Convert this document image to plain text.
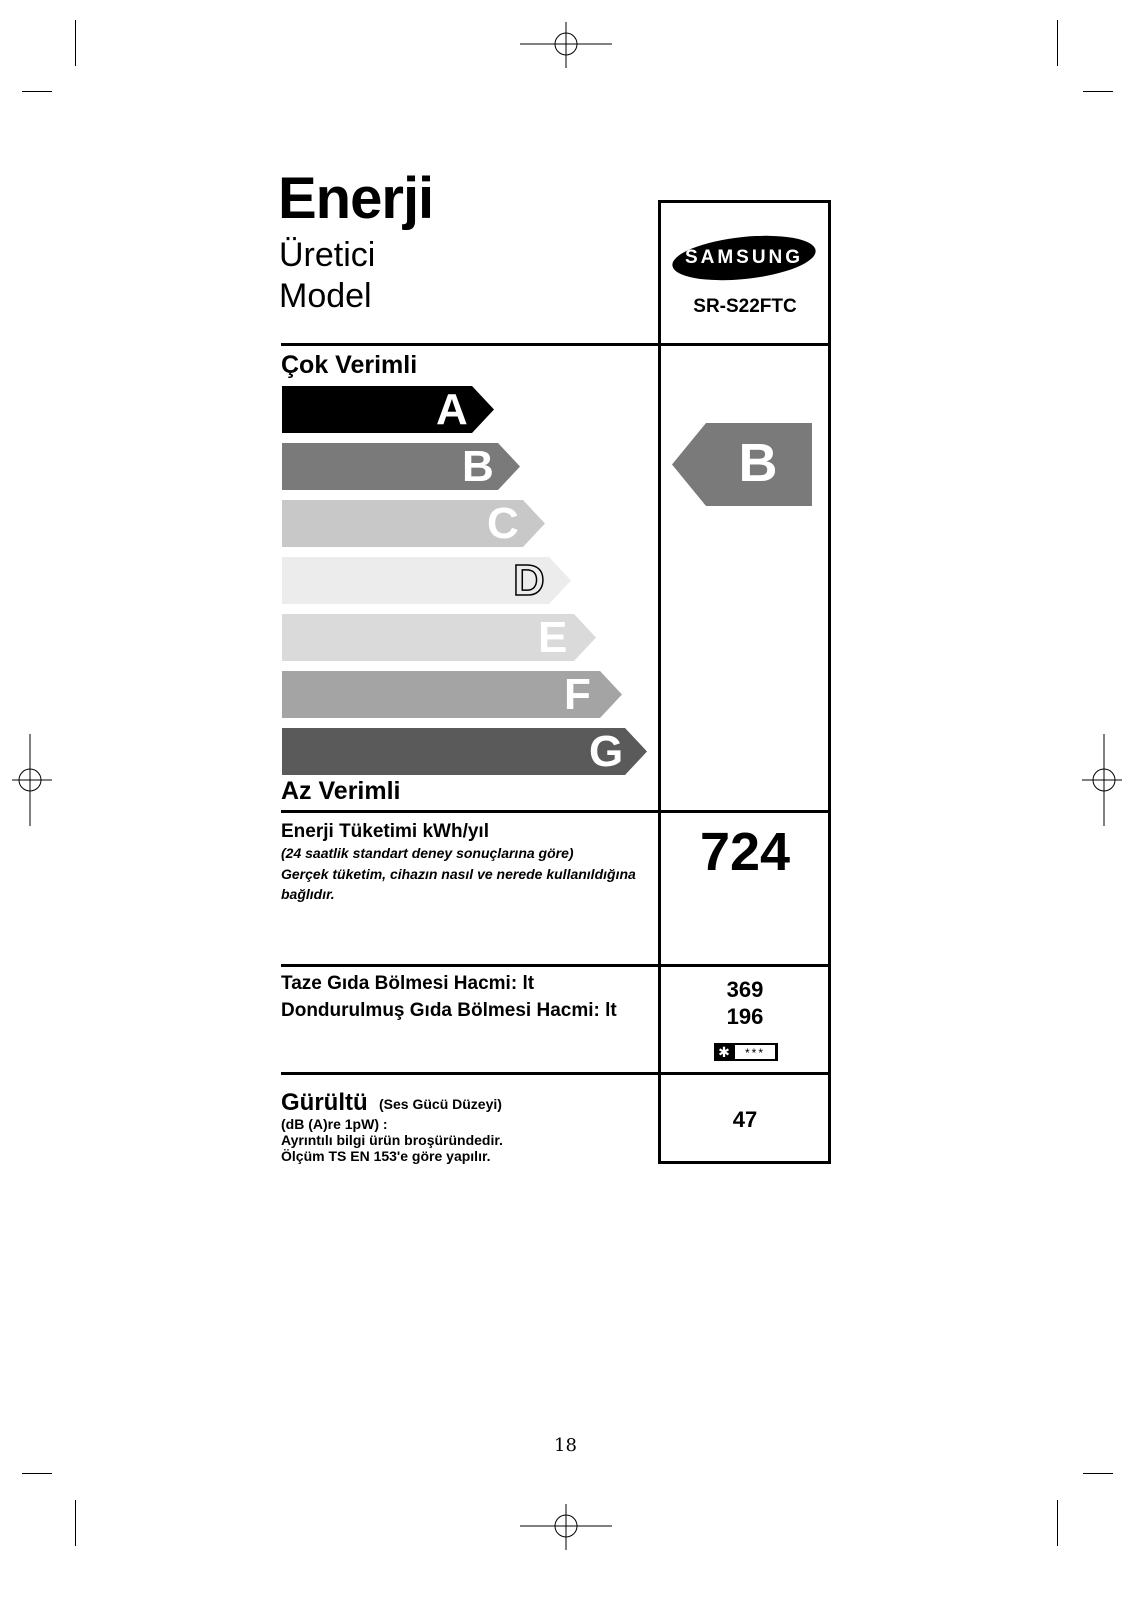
Enerji
Üretici
Model
SAMSUNG
SR-S22FTC
Çok Verimli
A
B
C
D
E
F
G
Az Verimli
B
Enerji Tüketimi kWh/yıl
(24 saatlik standart deney sonuçlarına göre)
Gerçek tüketim, cihazın nasıl ve nerede kullanıldığına bağlıdır.
724
Taze Gıda Bölmesi Hacmi: lt
Dondurulmuş Gıda Bölmesi Hacmi: lt
369
196
✱	***
Gürültü (Ses Gücü Düzeyi)
(dB (A)re 1pW) :
Ayrıntılı bilgi ürün broşüründedir.
Ölçüm TS EN 153'e göre yapılır.
47
18
